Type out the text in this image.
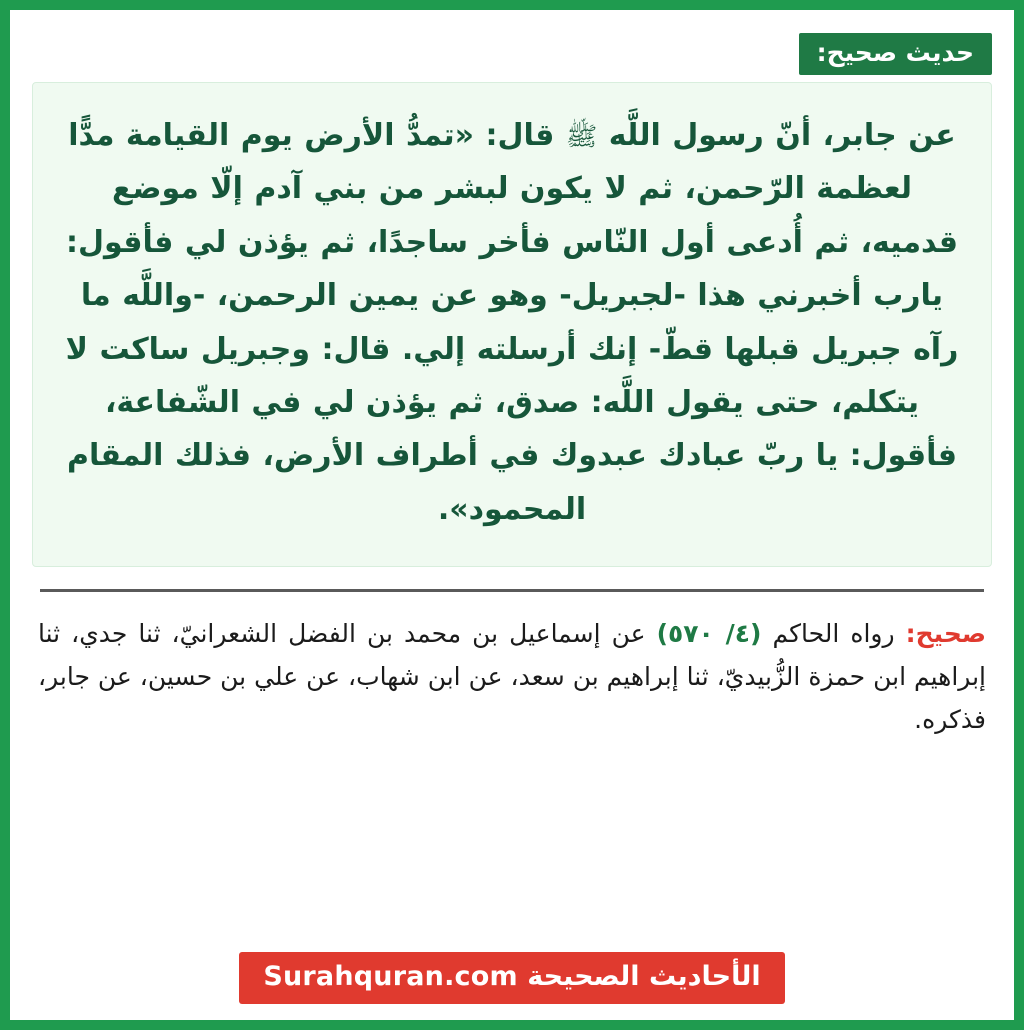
حديث صحيح:
عن جابر، أنّ رسول اللَّه ﷺ قال: «تمدُّ الأرض يوم القيامة مدًّا لعظمة الرّحمن، ثم لا يكون لبشر من بني آدم إلّا موضع قدميه، ثم أُدعى أول النّاس فأخر ساجدًا، ثم يؤذن لي فأقول: يارب أخبرني هذا -لجبريل- وهو عن يمين الرحمن، -واللَّه ما رآه جبريل قبلها قطّ- إنك أرسلته إلي. قال: وجبريل ساكت لا يتكلم، حتى يقول اللَّه: صدق، ثم يؤذن لي في الشّفاعة، فأقول: يا ربّ عبادك عبدوك في أطراف الأرض، فذلك المقام المحمود».
صحيح: رواه الحاكم (٤/ ٥٧٠) عن إسماعيل بن محمد بن الفضل الشعرانيّ، ثنا جدي، ثنا إبراهيم ابن حمزة الزُّبيديّ، ثنا إبراهيم بن سعد، عن ابن شهاب، عن علي بن حسين، عن جابر، فذكره.
الأحاديث الصحيحة Surahquran.com
